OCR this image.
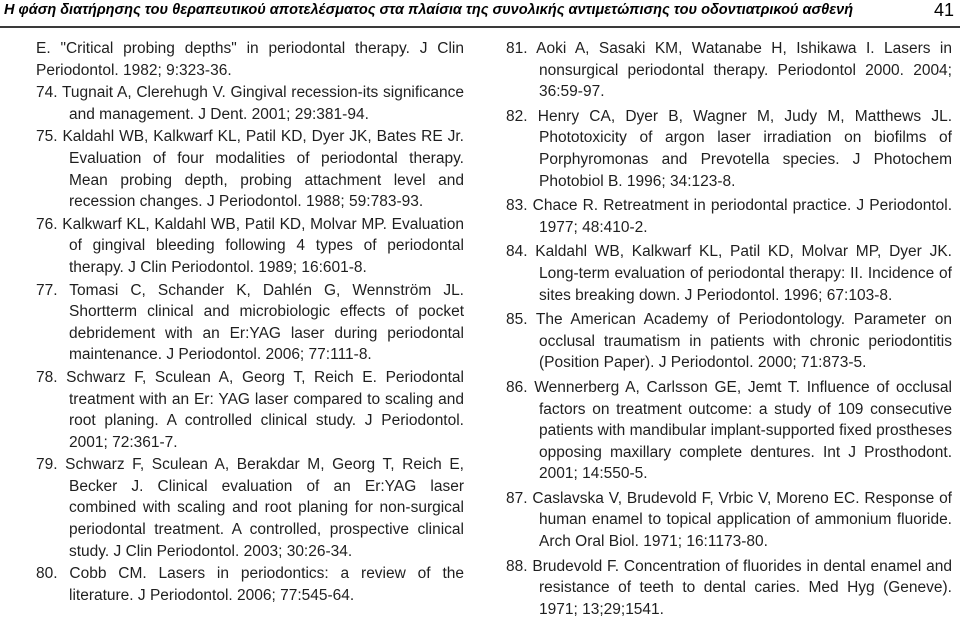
Η φάση διατήρησης του θεραπευτικού αποτελέσματος στα πλαίσια της συνολικής αντιμετώπισης του οδοντιατρικού ασθενή	41

E. "Critical probing depths" in periodontal therapy. J Clin Periodontol. 1982; 9:323-36.

74. Tugnait A, Clerehugh V. Gingival recession-its significance and management. J Dent. 2001; 29:381-94.

75. Kaldahl WB, Kalkwarf KL, Patil KD, Dyer JK, Bates RE Jr. Evaluation of four modalities of periodontal therapy. Mean probing depth, probing attachment level and recession changes. J Periodontol. 1988; 59:783-93.

76. Kalkwarf KL, Kaldahl WB, Patil KD, Molvar MP. Evaluation of gingival bleeding following 4 types of periodontal therapy. J Clin Periodontol. 1989; 16:601-8.

77. Tomasi C, Schander K, Dahlén G, Wennström JL. Shortterm clinical and microbiologic effects of pocket debridement with an Er:YAG laser during periodontal maintenance. J Periodontol. 2006; 77:111-8.

78. Schwarz F, Sculean A, Georg T, Reich E. Periodontal treatment with an Er: YAG laser compared to scaling and root planing. A controlled clinical study. J Periodontol. 2001; 72:361-7.

79. Schwarz F, Sculean A, Berakdar M, Georg T, Reich E, Becker J. Clinical evaluation of an Er:YAG laser combined with scaling and root planing for non-surgical periodontal treatment. A controlled, prospective clinical study. J Clin Periodontol. 2003; 30:26-34.

80. Cobb CM. Lasers in periodontics: a review of the literature. J Periodontol. 2006; 77:545-64.

81. Aoki A, Sasaki KM, Watanabe H, Ishikawa I. Lasers in nonsurgical periodontal therapy. Periodontol 2000. 2004; 36:59-97.

82. Henry CA, Dyer B, Wagner M, Judy M, Matthews JL. Phototoxicity of argon laser irradiation on biofilms of Porphyromonas and Prevotella species. J Photochem Photobiol B. 1996; 34:123-8.

83. Chace R. Retreatment in periodontal practice. J Periodontol. 1977; 48:410-2.

84. Kaldahl WB, Kalkwarf KL, Patil KD, Molvar MP, Dyer JK. Long-term evaluation of periodontal therapy: II. Incidence of sites breaking down. J Periodontol. 1996; 67:103-8.

85. The American Academy of Periodontology. Parameter on occlusal traumatism in patients with chronic periodontitis (Position Paper). J Periodontol. 2000; 71:873-5.

86. Wennerberg A, Carlsson GE, Jemt T. Influence of occlusal factors on treatment outcome: a study of 109 consecutive patients with mandibular implant-supported fixed prostheses opposing maxillary complete dentures. Int J Prosthodont. 2001; 14:550-5.

87. Caslavska V, Brudevold F, Vrbic V, Moreno EC. Response of human enamel to topical application of ammonium fluoride. Arch Oral Biol. 1971; 16:1173-80.

88. Brudevold F. Concentration of fluorides in dental enamel and resistance of teeth to dental caries. Med Hyg (Geneve). 1971; 13;29;1541.
